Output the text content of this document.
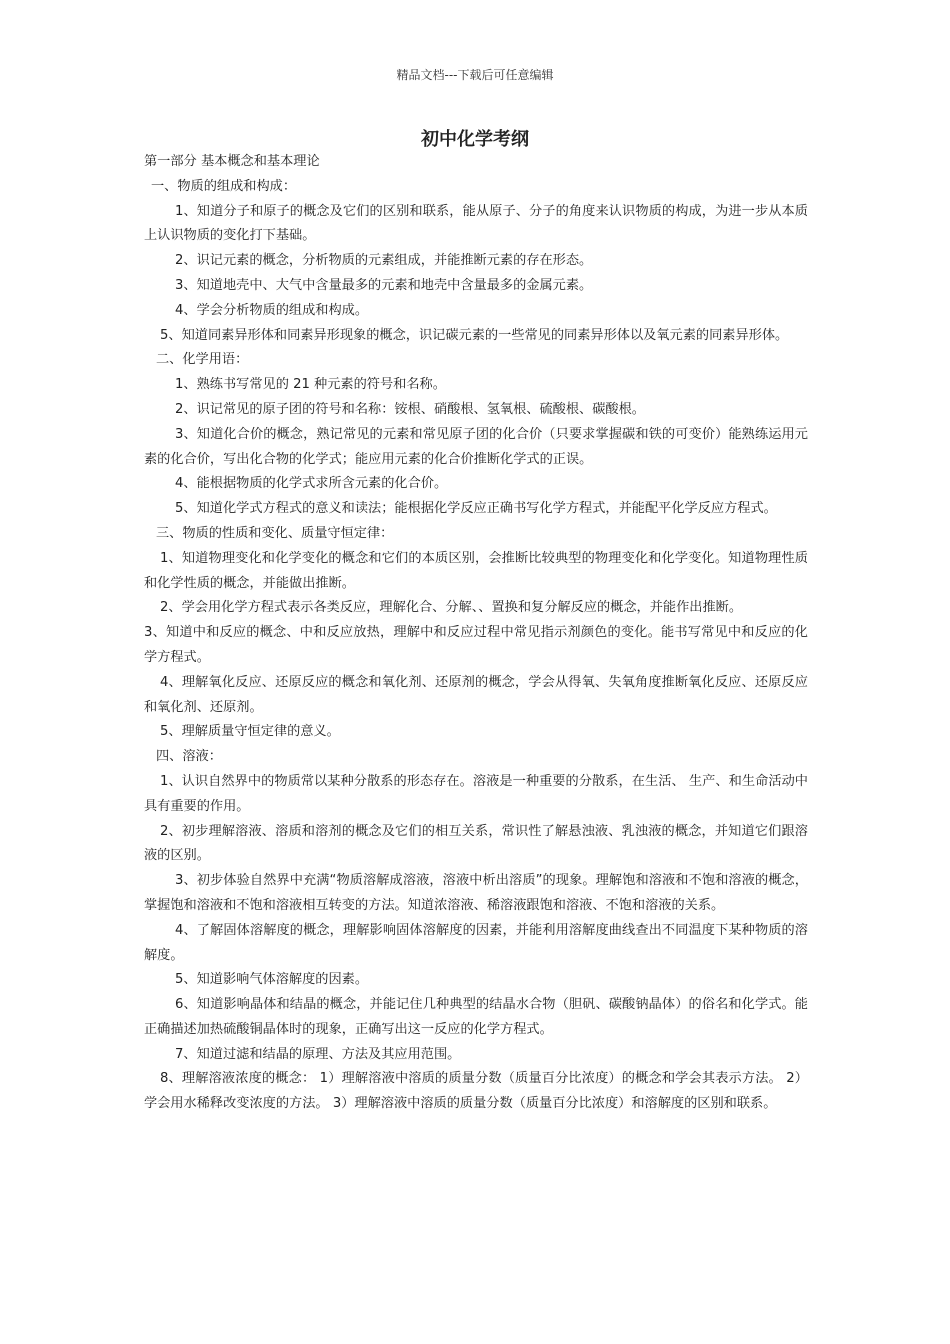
精品文档---下载后可任意编辑
初中化学考纲
第一部分 基本概念和基本理论
一、物质的组成和构成：
1、知道分子和原子的概念及它们的区别和联系，能从原子、分子的角度来认识物质的构成，为进一步从本质上认识物质的变化打下基础。
2、识记元素的概念，分析物质的元素组成，并能推断元素的存在形态。
3、知道地壳中、大气中含量最多的元素和地壳中含量最多的金属元素。
4、学会分析物质的组成和构成。
5、知道同素异形体和同素异形现象的概念，识记碳元素的一些常见的同素异形体以及氧元素的同素异形体。
二、化学用语：
1、熟练书写常见的 21 种元素的符号和名称。
2、识记常见的原子团的符号和名称：铵根、硝酸根、氢氧根、硫酸根、碳酸根。
3、知道化合价的概念，熟记常见的元素和常见原子团的化合价（只要求掌握碳和铁的可变价）能熟练运用元素的化合价，写出化合物的化学式；能应用元素的化合价推断化学式的正误。
4、能根据物质的化学式求所含元素的化合价。
5、知道化学式方程式的意义和读法；能根据化学反应正确书写化学方程式，并能配平化学反应方程式。
三、物质的性质和变化、质量守恒定律：
1、知道物理变化和化学变化的概念和它们的本质区别，会推断比较典型的物理变化和化学变化。知道物理性质和化学性质的概念，并能做出推断。
2、学会用化学方程式表示各类反应，理解化合、分解、、置换和复分解反应的概念，并能作出推断。
3、知道中和反应的概念、中和反应放热，理解中和反应过程中常见指示剂颜色的变化。能书写常见中和反应的化学方程式。
4、理解氧化反应、还原反应的概念和氧化剂、还原剂的概念，学会从得氧、失氧角度推断氧化反应、还原反应和氧化剂、还原剂。
5、理解质量守恒定律的意义。
四、溶液：
1、认识自然界中的物质常以某种分散系的形态存在。溶液是一种重要的分散系，在生活、 生产、和生命活动中具有重要的作用。
2、初步理解溶液、溶质和溶剂的概念及它们的相互关系，常识性了解悬浊液、乳浊液的概念，并知道它们跟溶液的区别。
3、初步体验自然界中充满“物质溶解成溶液，溶液中析出溶质”的现象。理解饱和溶液和不饱和溶液的概念，掌握饱和溶液和不饱和溶液相互转变的方法。知道浓溶液、稀溶液跟饱和溶液、不饱和溶液的关系。
4、了解固体溶解度的概念，理解影响固体溶解度的因素，并能利用溶解度曲线查出不同温度下某种物质的溶解度。
5、知道影响气体溶解度的因素。
6、知道影响晶体和结晶的概念，并能记住几种典型的结晶水合物（胆矾、碳酸钠晶体）的俗名和化学式。能正确描述加热硫酸铜晶体时的现象，正确写出这一反应的化学方程式。
7、知道过滤和结晶的原理、方法及其应用范围。
8、理解溶液浓度的概念： 1）理解溶液中溶质的质量分数（质量百分比浓度）的概念和学会其表示方法。 2）学会用水稀释改变浓度的方法。 3）理解溶液中溶质的质量分数（质量百分比浓度）和溶解度的区别和联系。
